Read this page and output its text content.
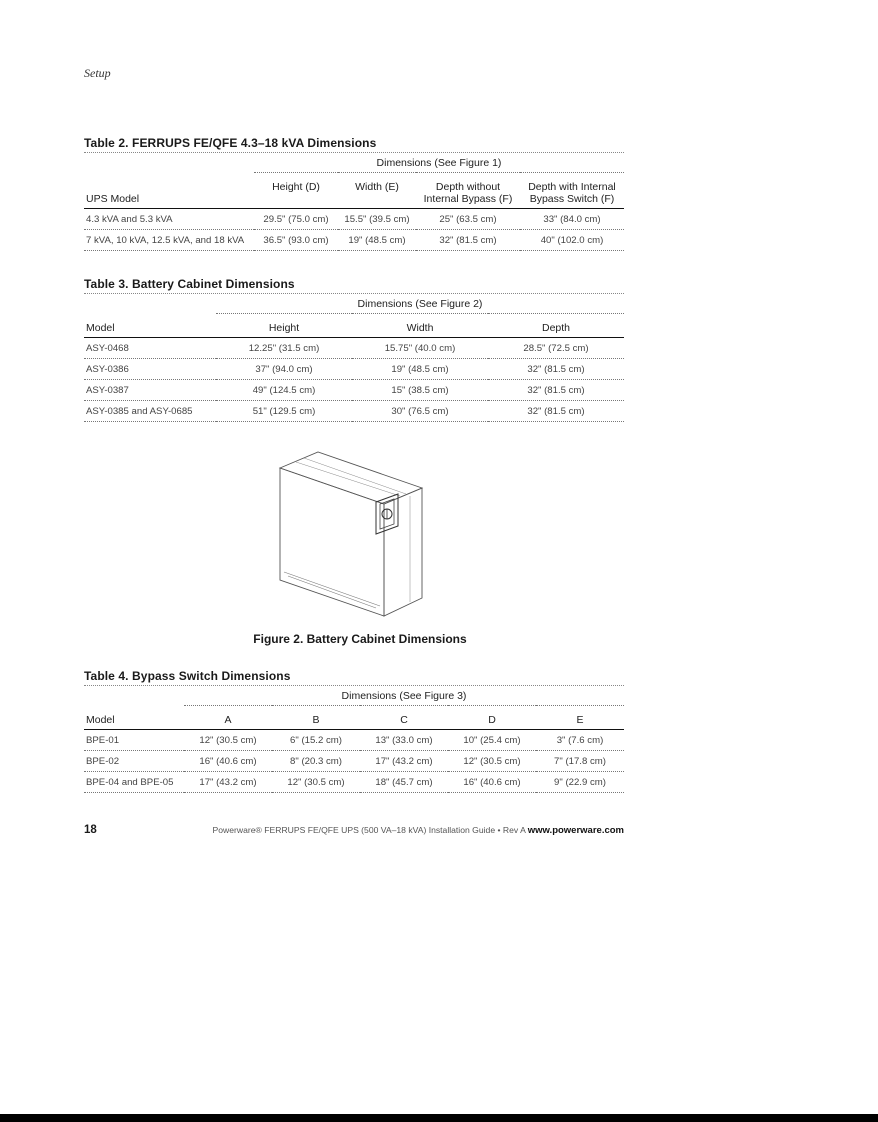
Setup

Table 2. FERRUPS FE/QFE 4.3–18 kVA Dimensions

	Dimensions (See Figure 1)			
UPS Model	Height (D)	Width (E)	Depth without Internal Bypass (F)	Depth with Internal Bypass Switch (F)
4.3 kVA and 5.3 kVA	29.5" (75.0 cm)	15.5" (39.5 cm)	25" (63.5 cm)	33" (84.0 cm)
7 kVA, 10 kVA, 12.5 kVA, and 18 kVA	36.5" (93.0 cm)	19" (48.5 cm)	32" (81.5 cm)	40" (102.0 cm)

Table 3. Battery Cabinet Dimensions

	Dimensions (See Figure 2)		
Model	Height	Width	Depth
ASY-0468	12.25" (31.5 cm)	15.75" (40.0 cm)	28.5" (72.5 cm)
ASY-0386	37" (94.0 cm)	19" (48.5 cm)	32" (81.5 cm)
ASY-0387	49" (124.5 cm)	15" (38.5 cm)	32" (81.5 cm)
ASY-0385 and ASY-0685	51" (129.5 cm)	30" (76.5 cm)	32" (81.5 cm)
Figure 2. Battery Cabinet Dimensions

Table 4. Bypass Switch Dimensions

	Dimensions (See Figure 3)				
Model	A	B	C	D	E
BPE-01	12" (30.5 cm)	6" (15.2 cm)	13" (33.0 cm)	10" (25.4 cm)	3" (7.6 cm)
BPE-02	16" (40.6 cm)	8" (20.3 cm)	17" (43.2 cm)	12" (30.5 cm)	7" (17.8 cm)
BPE-04 and BPE-05	17" (43.2 cm)	12" (30.5 cm)	18" (45.7 cm)	16" (40.6 cm)	9" (22.9 cm)
18	Powerware® FERRUPS FE/QFE UPS (500 VA–18 kVA) Installation Guide • Rev A www.powerware.com
